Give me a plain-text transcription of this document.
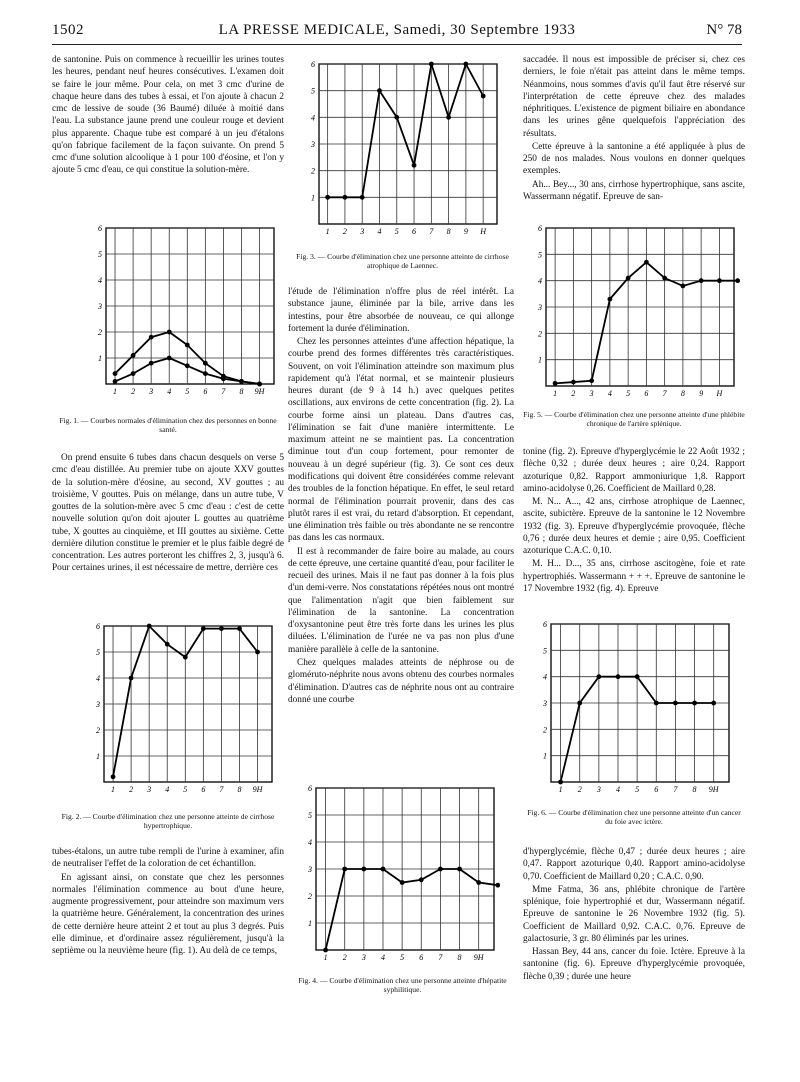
1502	LA PRESSE MEDICALE, Samedi, 30 Septembre 1933	N° 78

de santonine. Puis on commence à recueillir les urines toutes les heures, pendant neuf heures consécutives. L'examen doit se faire le jour même. Pour cela, on met 3 cmc d'urine de chaque heure dans des tubes à essai, et l'on ajoute à chacun 2 cmc de lessive de soude (36 Baumé) diluée à moitié dans l'eau. La substance jaune prend une couleur rouge et devient plus apparente. Chaque tube est comparé à un jeu d'étalons qu'on fabrique facilement de la façon suivante. On prend 5 cmc d'une solution alcoolique à 1 pour 100 d'éosine, et l'on y ajoute 5 cmc d'eau, ce qui constitue la solution-mère.

1
2
3
4
5
6
1 2 3 4 5 6 7 8 9H
Fig. 1. — Courbes normales d'élimination chez des personnes en bonne santé.

On prend ensuite 6 tubes dans chacun desquels on verse 5 cmc d'eau distillée. Au premier tube on ajoute XXV gouttes de la solution-mère d'éosine, au second, XV gouttes ; au troisième, V gouttes. Puis on mélange, dans un autre tube, V gouttes de la solution-mère avec 5 cmc d'eau : c'est de cette nouvelle solution qu'on doit ajouter L gouttes au quatrième tube, X gouttes au cinquième, et III gouttes au sixième. Cette dernière dilution constitue le premier et le plus faible degré de concentration. Les autres porteront les chiffres 2, 3, jusqu'à 6. Pour certaines urines, il est nécessaire de mettre, derrière ces

1
2
3
4
5
6
1 2 3 4 5 6 7 8 9H
Fig. 2. — Courbe d'élimination chez une personne atteinte de cirrhose hypertrophique.

tubes-étalons, un autre tube rempli de l'urine à examiner, afin de neutraliser l'effet de la coloration de cet échantillon.

En agissant ainsi, on constate que chez les personnes normales l'élimination commence au bout d'une heure, augmente progressivement, pour atteindre son maximum vers la quatrième heure. Généralement, la concentration des urines de cette dernière heure atteint 2 et tout au plus 3 degrés. Puis elle diminue, et d'ordinaire assez régulièrement, jusqu'à la septième ou la neuvième heure (fig. 1). Au delà de ce temps,

1
2
3
4
5
6
1 2 3 4 5 6 7 8 9 H
Fig. 3. — Courbe d'élimination chez une personne atteinte de cirrhose atrophique de Laennec.

l'étude de l'élimination n'offre plus de réel intérêt. La substance jaune, éliminée par la bile, arrive dans les intestins, pour être absorbée de nouveau, ce qui allonge fortement la durée d'élimination.

Chez les personnes atteintes d'une affection hépatique, la courbe prend des formes différentes très caractéristiques. Souvent, on voit l'élimination atteindre son maximum plus rapidement qu'à l'état normal, et se maintenir plusieurs heures durant (de 9 à 14 h.) avec quelques petites oscillations, aux environs de cette concentration (fig. 2). La courbe forme ainsi un plateau. Dans d'autres cas, l'élimination se fait d'une manière intermittente. Le maximum atteint ne se maintient pas. La concentration diminue tout d'un coup fortement, pour remonter de nouveau à un degré supérieur (fig. 3). Ce sont ces deux modifications qui doivent être considérées comme relevant des troubles de la fonction hépatique. En effet, le seul retard normal de l'élimination pourrait provenir, dans des cas plutôt rares il est vrai, du retard d'absorption. Et cependant, une élimination très faible ou très abondante ne se rencontre pas dans les cas normaux.

Il est à recommander de faire boire au malade, au cours de cette épreuve, une certaine quantité d'eau, pour faciliter le recueil des urines. Mais il ne faut pas donner à la fois plus d'un demi-verre. Nos constatations répétées nous ont montré que l'alimentation n'agit que bien faiblement sur l'élimination de la santonine. La concentration d'oxysantonine peut être très forte dans les urines les plus diluées. L'élimination de l'urée ne va pas non plus d'une manière parallèle à celle de la santonine.

Chez quelques malades atteints de néphrose ou de gloméruto-néphrite nous avons obtenu des courbes normales d'élimination. D'autres cas de néphrite nous ont au contraire donné une courbe

1
2
3
4
5
6
1 2 3 4 5 6 7 8 9H
Fig. 4. — Courbe d'élimination chez une personne atteinte d'hépatite syphilitique.

saccadée. Il nous est impossible de préciser si, chez ces derniers, le foie n'était pas atteint dans le même temps. Néanmoins, nous sommes d'avis qu'il faut être réservé sur l'interprétation de cette épreuve chez des malades néphritiques. L'existence de pigment biliaire en abondance dans les urines gêne quelquefois l'appréciation des résultats.

Cette épreuve à la santonine a été appliquée à plus de 250 de nos malades. Nous voulons en donner quelques exemples.

Ah... Bey..., 30 ans, cirrhose hypertrophique, sans ascite, Wassermann négatif. Epreuve de san-

1
2
3
4
5
6
1 2 3 4 5 6 7 8 9 H
Fig. 5. — Courbe d'élimination chez une personne atteinte d'une phlébite chronique de l'artère splénique.

tonine (fig. 2). Epreuve d'hyperglycémie le 22 Août 1932 ; flèche 0,32 ; durée deux heures ; aire 0,24. Rapport azoturique 0,82. Rapport ammoniurique 1,8. Rapport amino-acidolyse 0,26. Coefficient de Maillard 0,28.

M. N... A..., 42 ans, cirrhose atrophique de Laennec, ascite, subictère. Epreuve de la santonine le 12 Novembre 1932 (fig. 3). Epreuve d'hyperglycémie provoquée, flèche 0,76 ; durée deux heures et demie ; aire 0,95. Coefficient azoturique C.A.C. 0,10.

M. H... D..., 35 ans, cirrhose ascitogène, foie et rate hypertrophiés. Wassermann + + +. Epreuve de santonine le 17 Novembre 1932 (fig. 4). Epreuve

1
2
3
4
5
6
1 2 3 4 5 6 7 8 9H
Fig. 6. — Courbe d'élimination chez une personne atteinte d'un cancer du foie avec ictère.

d'hyperglycémie, flèche 0,47 ; durée deux heures ; aire 0,47. Rapport azoturique 0,40. Rapport amino-acidolyse 0,70. Coefficient de Maillard 0,20 ; C.A.C. 0,90.

Mme Fatma, 36 ans, phlébite chronique de l'artère splénique, foie hypertrophié et dur, Wassermann négatif. Epreuve de santonine le 26 Novembre 1932 (fig. 5). Coefficient de Maillard 0,92. C.A.C. 0,76. Epreuve de galactosurie, 3 gr. 80 éliminés par les urines.

Hassan Bey, 44 ans, cancer du foie. Ictère. Epreuve à la santonine (fig. 6). Epreuve d'hyperglycémie provoquée, flèche 0,39 ; durée une heure
